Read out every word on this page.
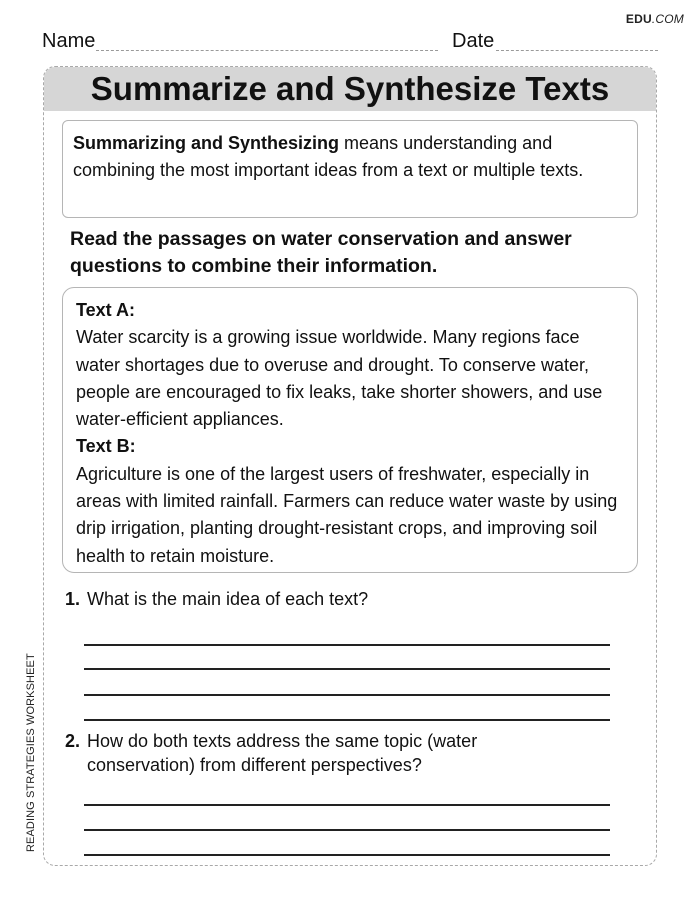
EDU.COM
Name	Date
READING STRATEGIES WORKSHEET
Summarize and Synthesize Texts
Summarizing and Synthesizing means understanding and combining the most important ideas from a text or multiple texts.

Read the passages on water conservation and answer questions to combine their information.

Text A:
Water scarcity is a growing issue worldwide. Many regions face water shortages due to overuse and drought. To conserve water, people are encouraged to fix leaks, take shorter showers, and use water-efficient appliances.
Text B:
Agriculture is one of the largest users of freshwater, especially in areas with limited rainfall. Farmers can reduce water waste by using drip irrigation, planting drought-resistant crops, and improving soil health to retain moisture.
1. What is the main idea of each text?
2. How do both texts address the same topic (water conservation) from different perspectives?
